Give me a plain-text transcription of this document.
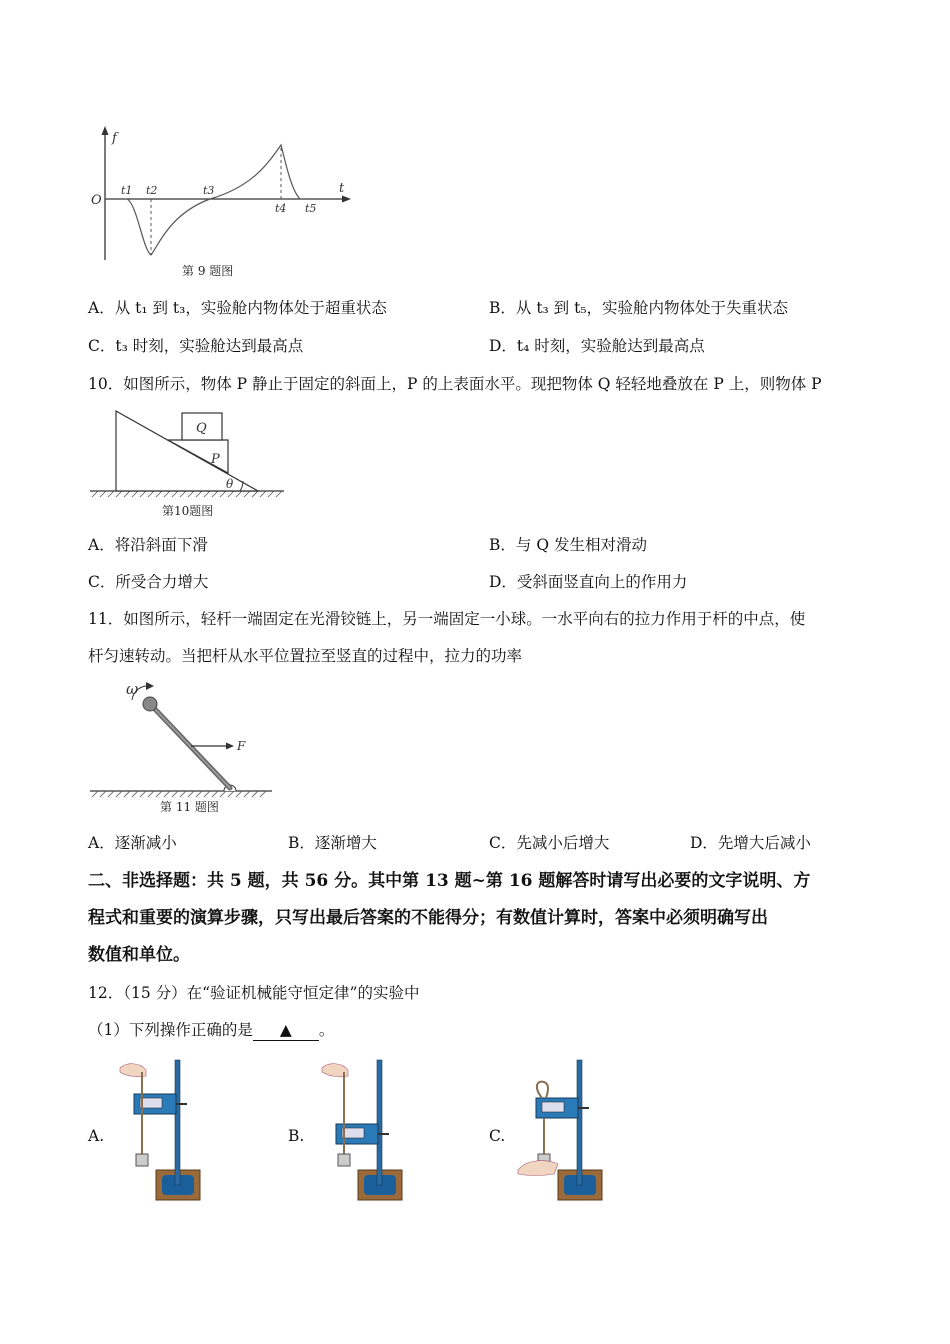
f
t
O
t1 t2	t3
t4 t5
第 9 题图
A．从 t₁ 到 t₃，实验舱内物体处于超重状态	B．从 t₃ 到 t₅，实验舱内物体处于失重状态
C．t₃ 时刻，实验舱达到最高点	D．t₄ 时刻，实验舱达到最高点
10．如图所示，物体 P 静止于固定的斜面上，P 的上表面水平。现把物体 Q 轻轻地叠放在 P 上，则物体 P
Q
P
θ
第10题图
A．将沿斜面下滑	B．与 Q 发生相对滑动
C．所受合力增大	D．受斜面竖直向上的作用力
11．如图所示，轻杆一端固定在光滑铰链上，另一端固定一小球。一水平向右的拉力作用于杆的中点，使
杆匀速转动。当把杆从水平位置拉至竖直的过程中，拉力的功率
ω
F
第 11 题图
A．逐渐减小	B．逐渐增大	C．先减小后增大	D．先增大后减小
二、非选择题：共 5 题，共 56 分。其中第 13 题~第 16 题解答时请写出必要的文字说明、方
程式和重要的演算步骤，只写出最后答案的不能得分；有数值计算时，答案中必须明确写出
数值和单位。
12．（15 分）在“验证机械能守恒定律”的实验中
（1）下列操作正确的是 ▲ 。
A.	B.	C.
